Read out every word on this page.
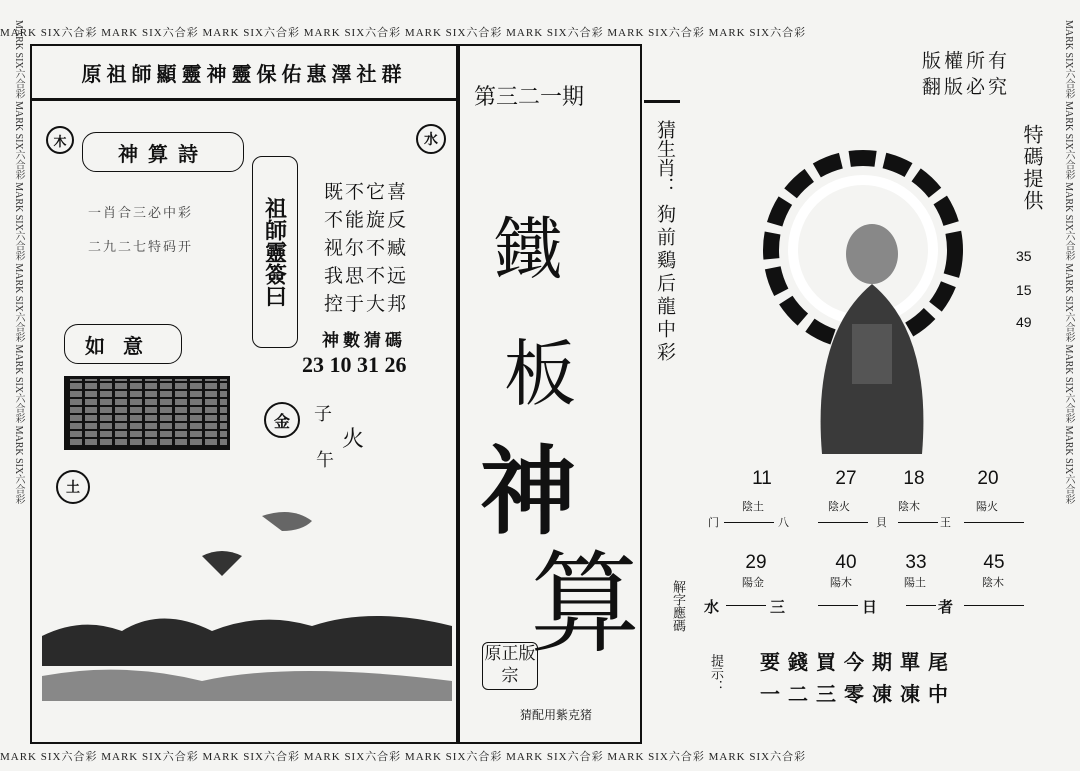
MARK SIX六合彩 MARK SIX六合彩 MARK SIX六合彩 MARK SIX六合彩 MARK SIX六合彩 MARK SIX六合彩 MARK SIX六合彩 MARK SIX六合彩
MARK SIX六合彩 MARK SIX六合彩 MARK SIX六合彩 MARK SIX六合彩 MARK SIX六合彩 MARK SIX六合彩 MARK SIX六合彩 MARK SIX六合彩
MARK SIX六合彩 MARK SIX六合彩 MARK SIX六合彩 MARK SIX六合彩 MARK SIX六合彩 MARK SIX六合彩	MARK SIX六合彩 MARK SIX六合彩 MARK SIX六合彩 MARK SIX六合彩 MARK SIX六合彩 MARK SIX六合彩
原祖師顯靈神靈保佑惠澤社群
木	水
神算詩
一肖合三必中彩
二九二七特码开	祖師靈簽曰
既不它喜
不能旋反
视尔不臧
我思不远
控于大邦
神數猜碼
23 10 31 26
如意
金	子
火
午
土
第三二一期
鐵
板
神
算
原正版宗
猜配用紫克猪
版權所有
翻版必究
猜生肖：
狗前鷄后龍中彩
特碼提供
35
15
49
11	27	18	20
陰土	陰火	陰木	陽火
门	八	貝	王
29	40	33	45
陽金	陽木	陽土	陰木
水	三	日	者
解字應碼
提示： 要錢買今期單尾
一二三零凍凍中
